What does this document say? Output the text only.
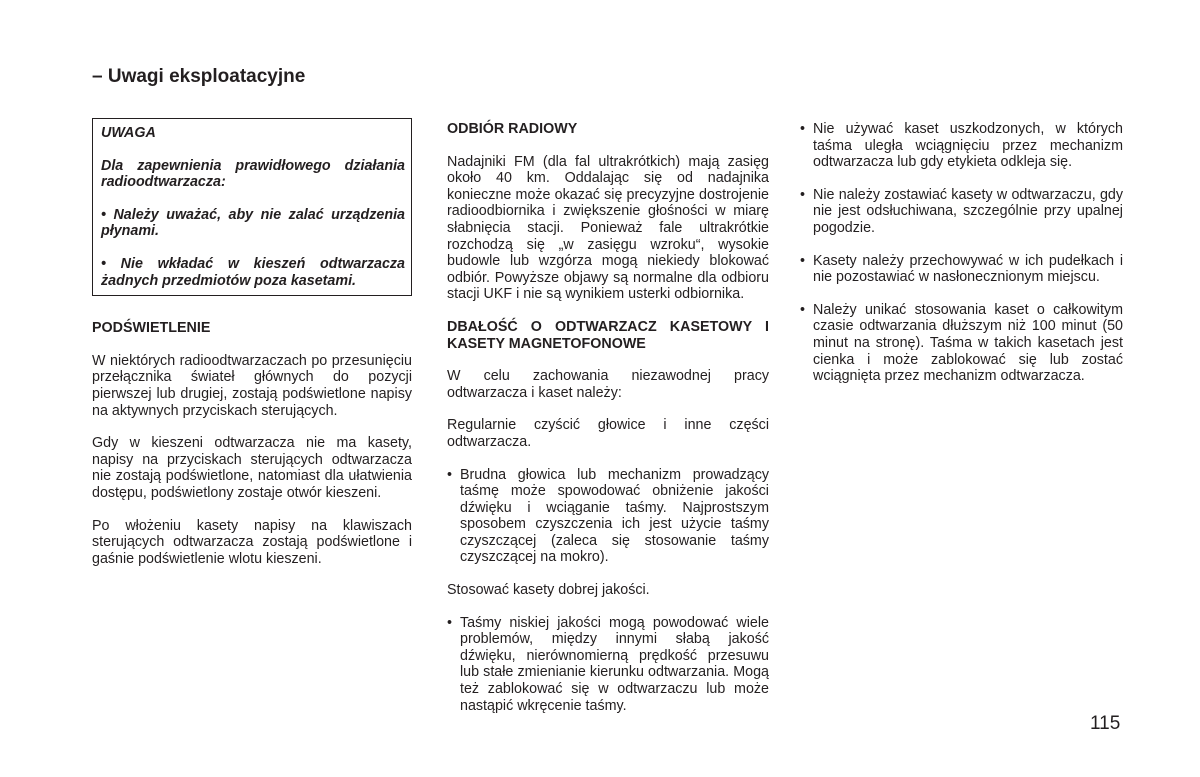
– Uwagi eksploatacyjne

UWAGA

Dla zapewnienia prawidłowego działania radioodtwarzacza:

• Należy uważać, aby nie zalać urządzenia płynami.

• Nie wkładać w kieszeń odtwarzacza żadnych przedmiotów poza kasetami.

PODŚWIETLENIE

W niektórych radioodtwarzaczach po przesunięciu przełącznika świateł głównych do pozycji pierwszej lub drugiej, zostają podświetlone napisy na aktywnych przyciskach sterujących.

Gdy w kieszeni odtwarzacza nie ma kasety, napisy na przyciskach sterujących odtwarzacza nie zostają podświetlone, natomiast dla ułatwienia dostępu, podświetlony zostaje otwór kieszeni.

Po włożeniu kasety napisy na klawiszach sterujących odtwarzacza zostają podświetlone i gaśnie podświetlenie wlotu kieszeni.

ODBIÓR RADIOWY

Nadajniki FM (dla fal ultrakrótkich) mają zasięg około 40 km. Oddalając się od nadajnika konieczne może okazać się precyzyjne dostrojenie radioodbiornika i zwiększenie głośności w miarę słabnięcia stacji. Ponieważ fale ultrakrótkie rozchodzą się „w zasięgu wzroku“, wysokie budowle lub wzgórza mogą niekiedy blokować odbiór. Powyższe objawy są normalne dla odbioru stacji UKF i nie są wynikiem usterki odbiornika.

DBAŁOŚĆ O ODTWARZACZ KASETOWY I KASETY MAGNETOFONOWE

W celu zachowania niezawodnej pracy odtwarzacza i kaset należy:

Regularnie czyścić głowice i inne części odtwarzacza.

• Brudna głowica lub mechanizm prowadzący taśmę może spowodować obniżenie jakości dźwięku i wciąganie taśmy. Najprostszym sposobem czyszczenia ich jest użycie taśmy czyszczącej (zaleca się stosowanie taśmy czyszczącej na mokro).

Stosować kasety dobrej jakości.

• Taśmy niskiej jakości mogą powodować wiele problemów, między innymi słabą jakość dźwięku, nierównomierną prędkość przesuwu lub stałe zmienianie kierunku odtwarzania. Mogą też zablokować się w odtwarzaczu lub może nastąpić wkręcenie taśmy.
• Nie używać kaset uszkodzonych, w których taśma uległa wciągnięciu przez mechanizm odtwarzacza lub gdy etykieta odkleja się.
• Nie należy zostawiać kasety w odtwarzaczu, gdy nie jest odsłuchiwana, szczególnie przy upalnej pogodzie.
• Kasety należy przechowywać w ich pudełkach i nie pozostawiać w nasłonecznionym miejscu.
• Należy unikać stosowania kaset o całkowitym czasie odtwarzania dłuższym niż 100 minut (50 minut na stronę). Taśma w takich kasetach jest cienka i może zablokować się lub zostać wciągnięta przez mechanizm odtwarzacza.
115
